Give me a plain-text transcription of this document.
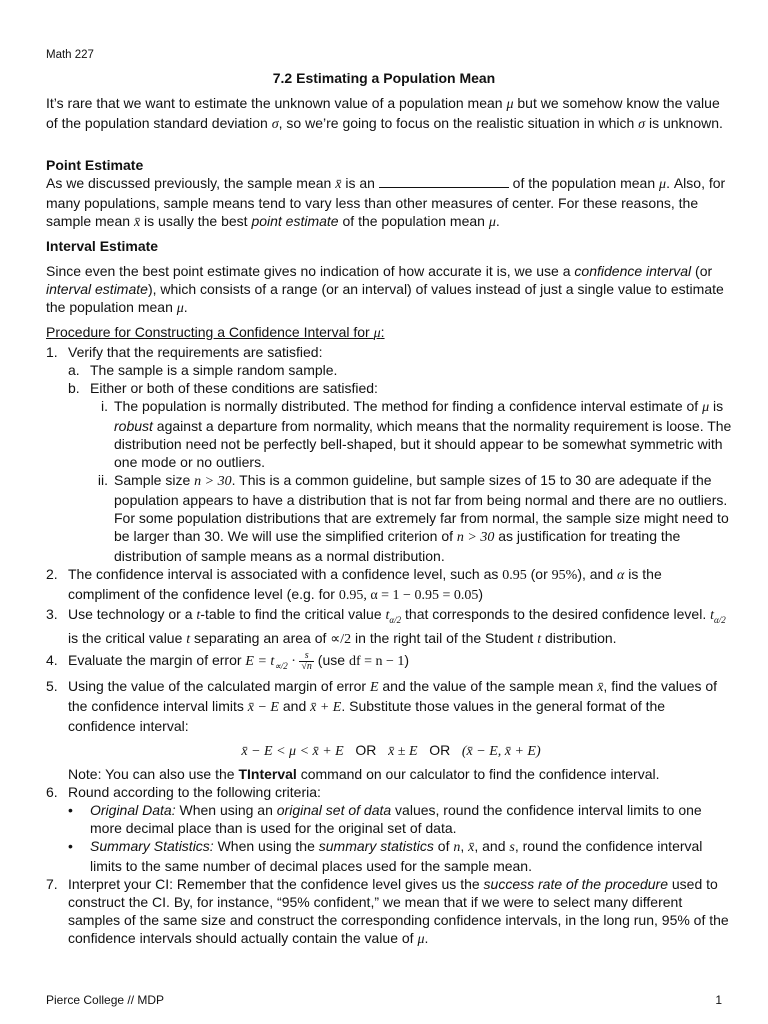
Math 227
7.2 Estimating a Population Mean
It’s rare that we want to estimate the unknown value of a population mean μ but we somehow know the value of the population standard deviation σ, so we’re going to focus on the realistic situation in which σ is unknown.
Point Estimate
As we discussed previously, the sample mean x̄ is an	of the population mean μ. Also, for many populations, sample means tend to vary less than other measures of center. For these reasons, the sample mean x̄ is usally the best point estimate of the population mean μ.
Interval Estimate
Since even the best point estimate gives no indication of how accurate it is, we use a confidence interval (or interval estimate), which consists of a range (or an interval) of values instead of just a single value to estimate the population mean μ.
Procedure for Constructing a Confidence Interval for μ:
1. Verify that the requirements are satisfied:
a. The sample is a simple random sample.
b. Either or both of these conditions are satisfied:
i. The population is normally distributed. The method for finding a confidence interval estimate of μ is robust against a departure from normality, which means that the normality requirement is loose. The distribution need not be perfectly bell-shaped, but it should appear to be somewhat symmetric with one mode or no outliers.
ii. Sample size n > 30. This is a common guideline, but sample sizes of 15 to 30 are adequate if the population appears to have a distribution that is not far from being normal and there are no outliers. For some population distributions that are extremely far from normal, the sample size might need to be larger than 30. We will use the simplified criterion of n > 30 as justification for treating the distribution of sample means as a normal distribution.
2. The confidence interval is associated with a confidence level, such as 0.95 (or 95%), and α is the compliment of the confidence level (e.g. for 0.95, α = 1 − 0.95 = 0.05)
3. Use technology or a t-table to find the critical value $t_{\alpha/2}$ that corresponds to the desired confidence level. $t_{\alpha/2}$ is the critical value t separating an area of ∝/2 in the right tail of the Student t distribution.
4. Evaluate the margin of error $E = t_{\propto/2} \cdot \frac{s}{√n} (use$ df = n − 1)
5. Using the value of the calculated margin of error E and the value of the sample mean x̄, find the values of the confidence interval limits x̄ − E and x̄ + E. Substitute those values in the general format of the confidence interval:
x̄ − E < μ < x̄ + E OR x̄ ± E OR (x̄ − E, x̄ + E)
Note: You can also use the TInterval command on our calculator to find the confidence interval.
6. Round according to the following criteria:
• Original Data: When using an original set of data values, round the confidence interval limits to one more decimal place than is used for the original set of data.
• Summary Statistics: When using the summary statistics of n, x̄, and s, round the confidence interval limits to the same number of decimal places used for the sample mean.
7. Interpret your CI: Remember that the confidence level gives us the success rate of the procedure used to construct the CI. By, for instance, “95% confident,” we mean that if we were to select many different samples of the same size and construct the corresponding confidence intervals, in the long run, 95% of the confidence intervals should actually contain the value of μ.
Pierce College // MDP	1
